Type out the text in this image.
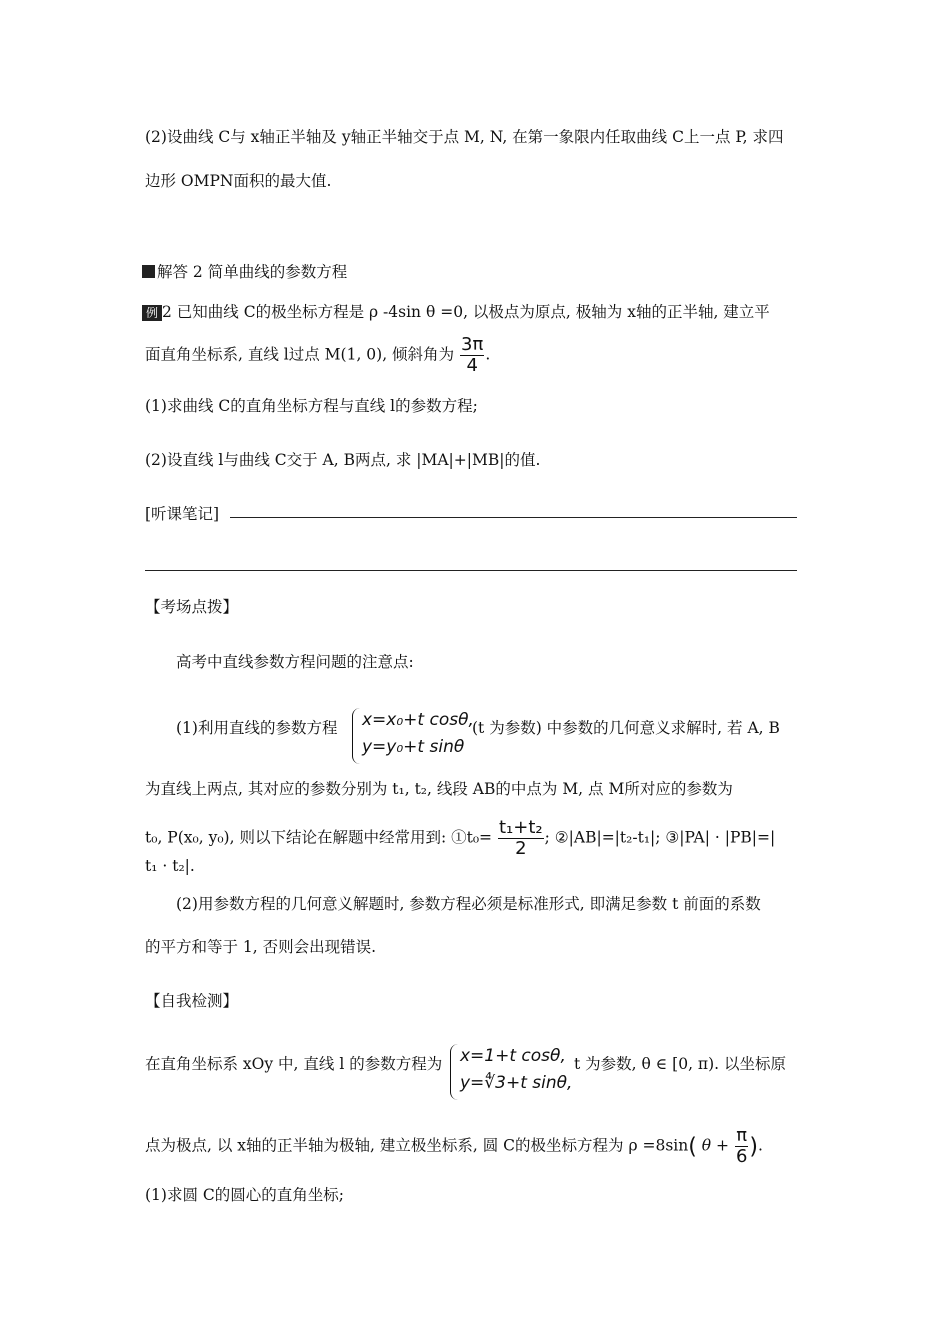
(2)设曲线 C与 x轴正半轴及 y轴正半轴交于点 M, N, 在第一象限内任取曲线 C上一点 P, 求四
边形 OMPN面积的最大值.
解答 2 简单曲线的参数方程
例 2 已知曲线 C的极坐标方程是 ρ -4sin θ =0, 以极点为原点, 极轴为 x轴的正半轴, 建立平
面直角坐标系, 直线 l过点 M(1, 0), 倾斜角为 $\frac{3\pi}{4}$ .
(1)求曲线 C的直角坐标方程与直线 l的参数方程;
(2)设直线 l与曲线 C交于 A, B两点, 求 |MA|+|MB|的值.
[听课笔记]
【考场点拨】
高考中直线参数方程问题的注意点:
(1)利用直线的参数方程 x=x₀+t cosθ,
y=y₀+t sinθ
(t 为参数) 中参数的几何意义求解时, 若 A, B
为直线上两点, 其对应的参数分别为 t₁, t₂, 线段 AB的中点为 M, 点 M所对应的参数为
t₀, P(x₀, y₀), 则以下结论在解题中经常用到: ①t₀= $\frac{\text{t₁+t₂}}{2}$ ; ②|AB|=|t₂-t₁|; ③|PA| · |PB|=|
t₁ · t₂|.
(2)用参数方程的几何意义解题时, 参数方程必须是标准形式, 即满足参数 t 前面的系数
的平方和等于 1, 否则会出现错误.
【自我检测】
在直角坐标系 xOy 中, 直线 l 的参数方程为 x=1+t cosθ,
y=∜3+t sinθ,
t 为参数, θ ∈ [0, π). 以坐标原
点为极点, 以 x轴的正半轴为极轴, 建立极坐标系, 圆 C的极坐标方程为 ρ =8sin( $\theta + \frac{\pi}{6}$ ).
(1)求圆 C的圆心的直角坐标;
